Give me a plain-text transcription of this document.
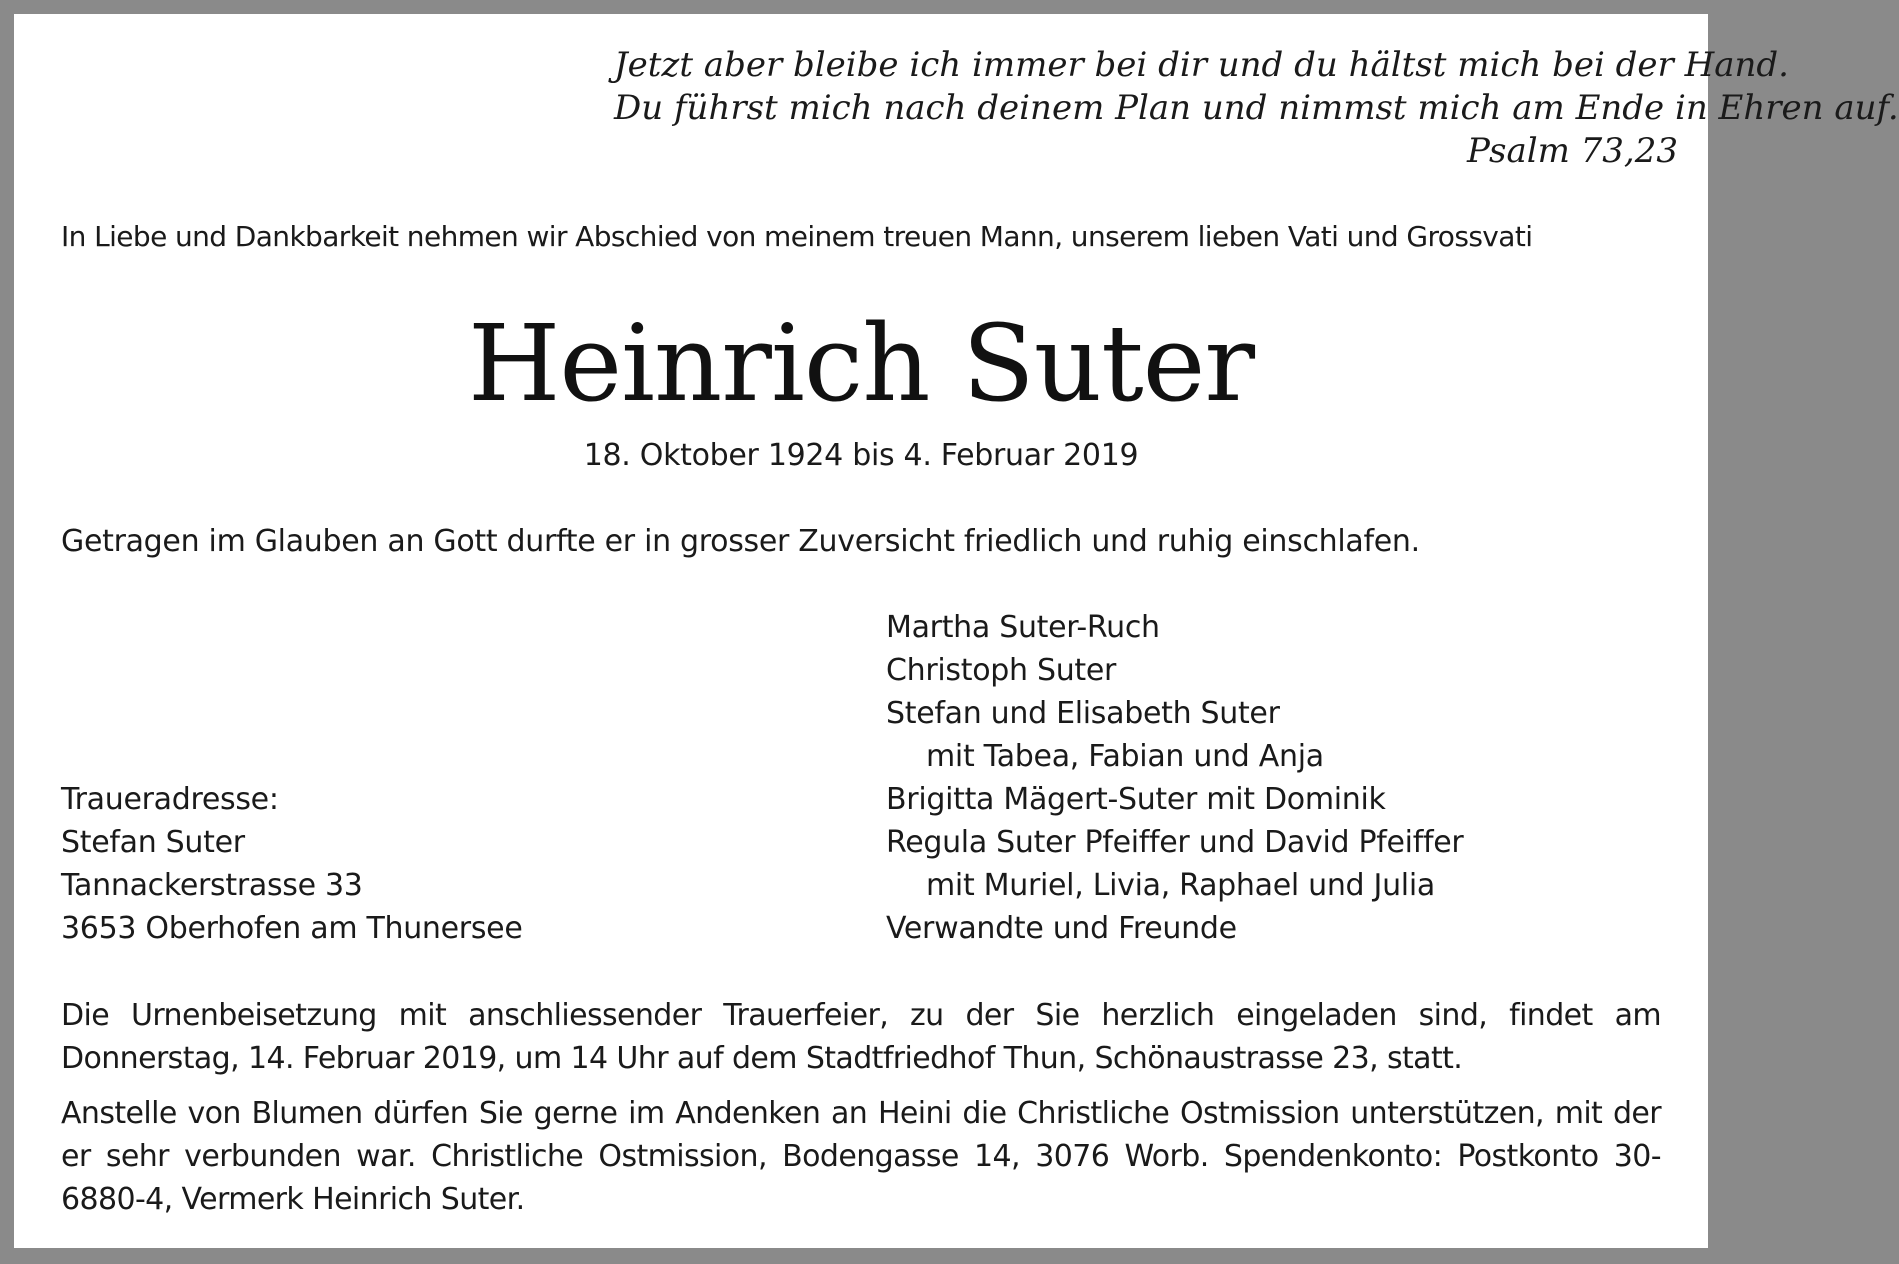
Jetzt aber bleibe ich immer bei dir und du hältst mich bei der Hand.
Du führst mich nach deinem Plan und nimmst mich am Ende in Ehren auf.
Psalm 73,23
In Liebe und Dankbarkeit nehmen wir Abschied von meinem treuen Mann, unserem lieben Vati und Grossvati
Heinrich Suter
18. Oktober 1924 bis 4. Februar 2019
Getragen im Glauben an Gott durfte er in grosser Zuversicht friedlich und ruhig einschlafen.
Martha Suter-Ruch
Christoph Suter
Stefan und Elisabeth Suter
mit Tabea, Fabian und Anja
Brigitta Mägert-Suter mit Dominik
Regula Suter Pfeiffer und David Pfeiffer
mit Muriel, Livia, Raphael und Julia
Verwandte und Freunde
Traueradresse:
Stefan Suter
Tannackerstrasse 33
3653 Oberhofen am Thunersee
Die Urnenbeisetzung mit anschliessender Trauerfeier, zu der Sie herzlich eingeladen sind, findet am Donnerstag, 14. Februar 2019, um 14 Uhr auf dem Stadtfriedhof Thun, Schönaustrasse 23, statt.
Anstelle von Blumen dürfen Sie gerne im Andenken an Heini die Christliche Ostmission unterstützen, mit der er sehr verbunden war. Christliche Ostmission, Bodengasse 14, 3076 Worb. Spendenkonto: Postkonto 30-6880-4, Vermerk Heinrich Suter.
